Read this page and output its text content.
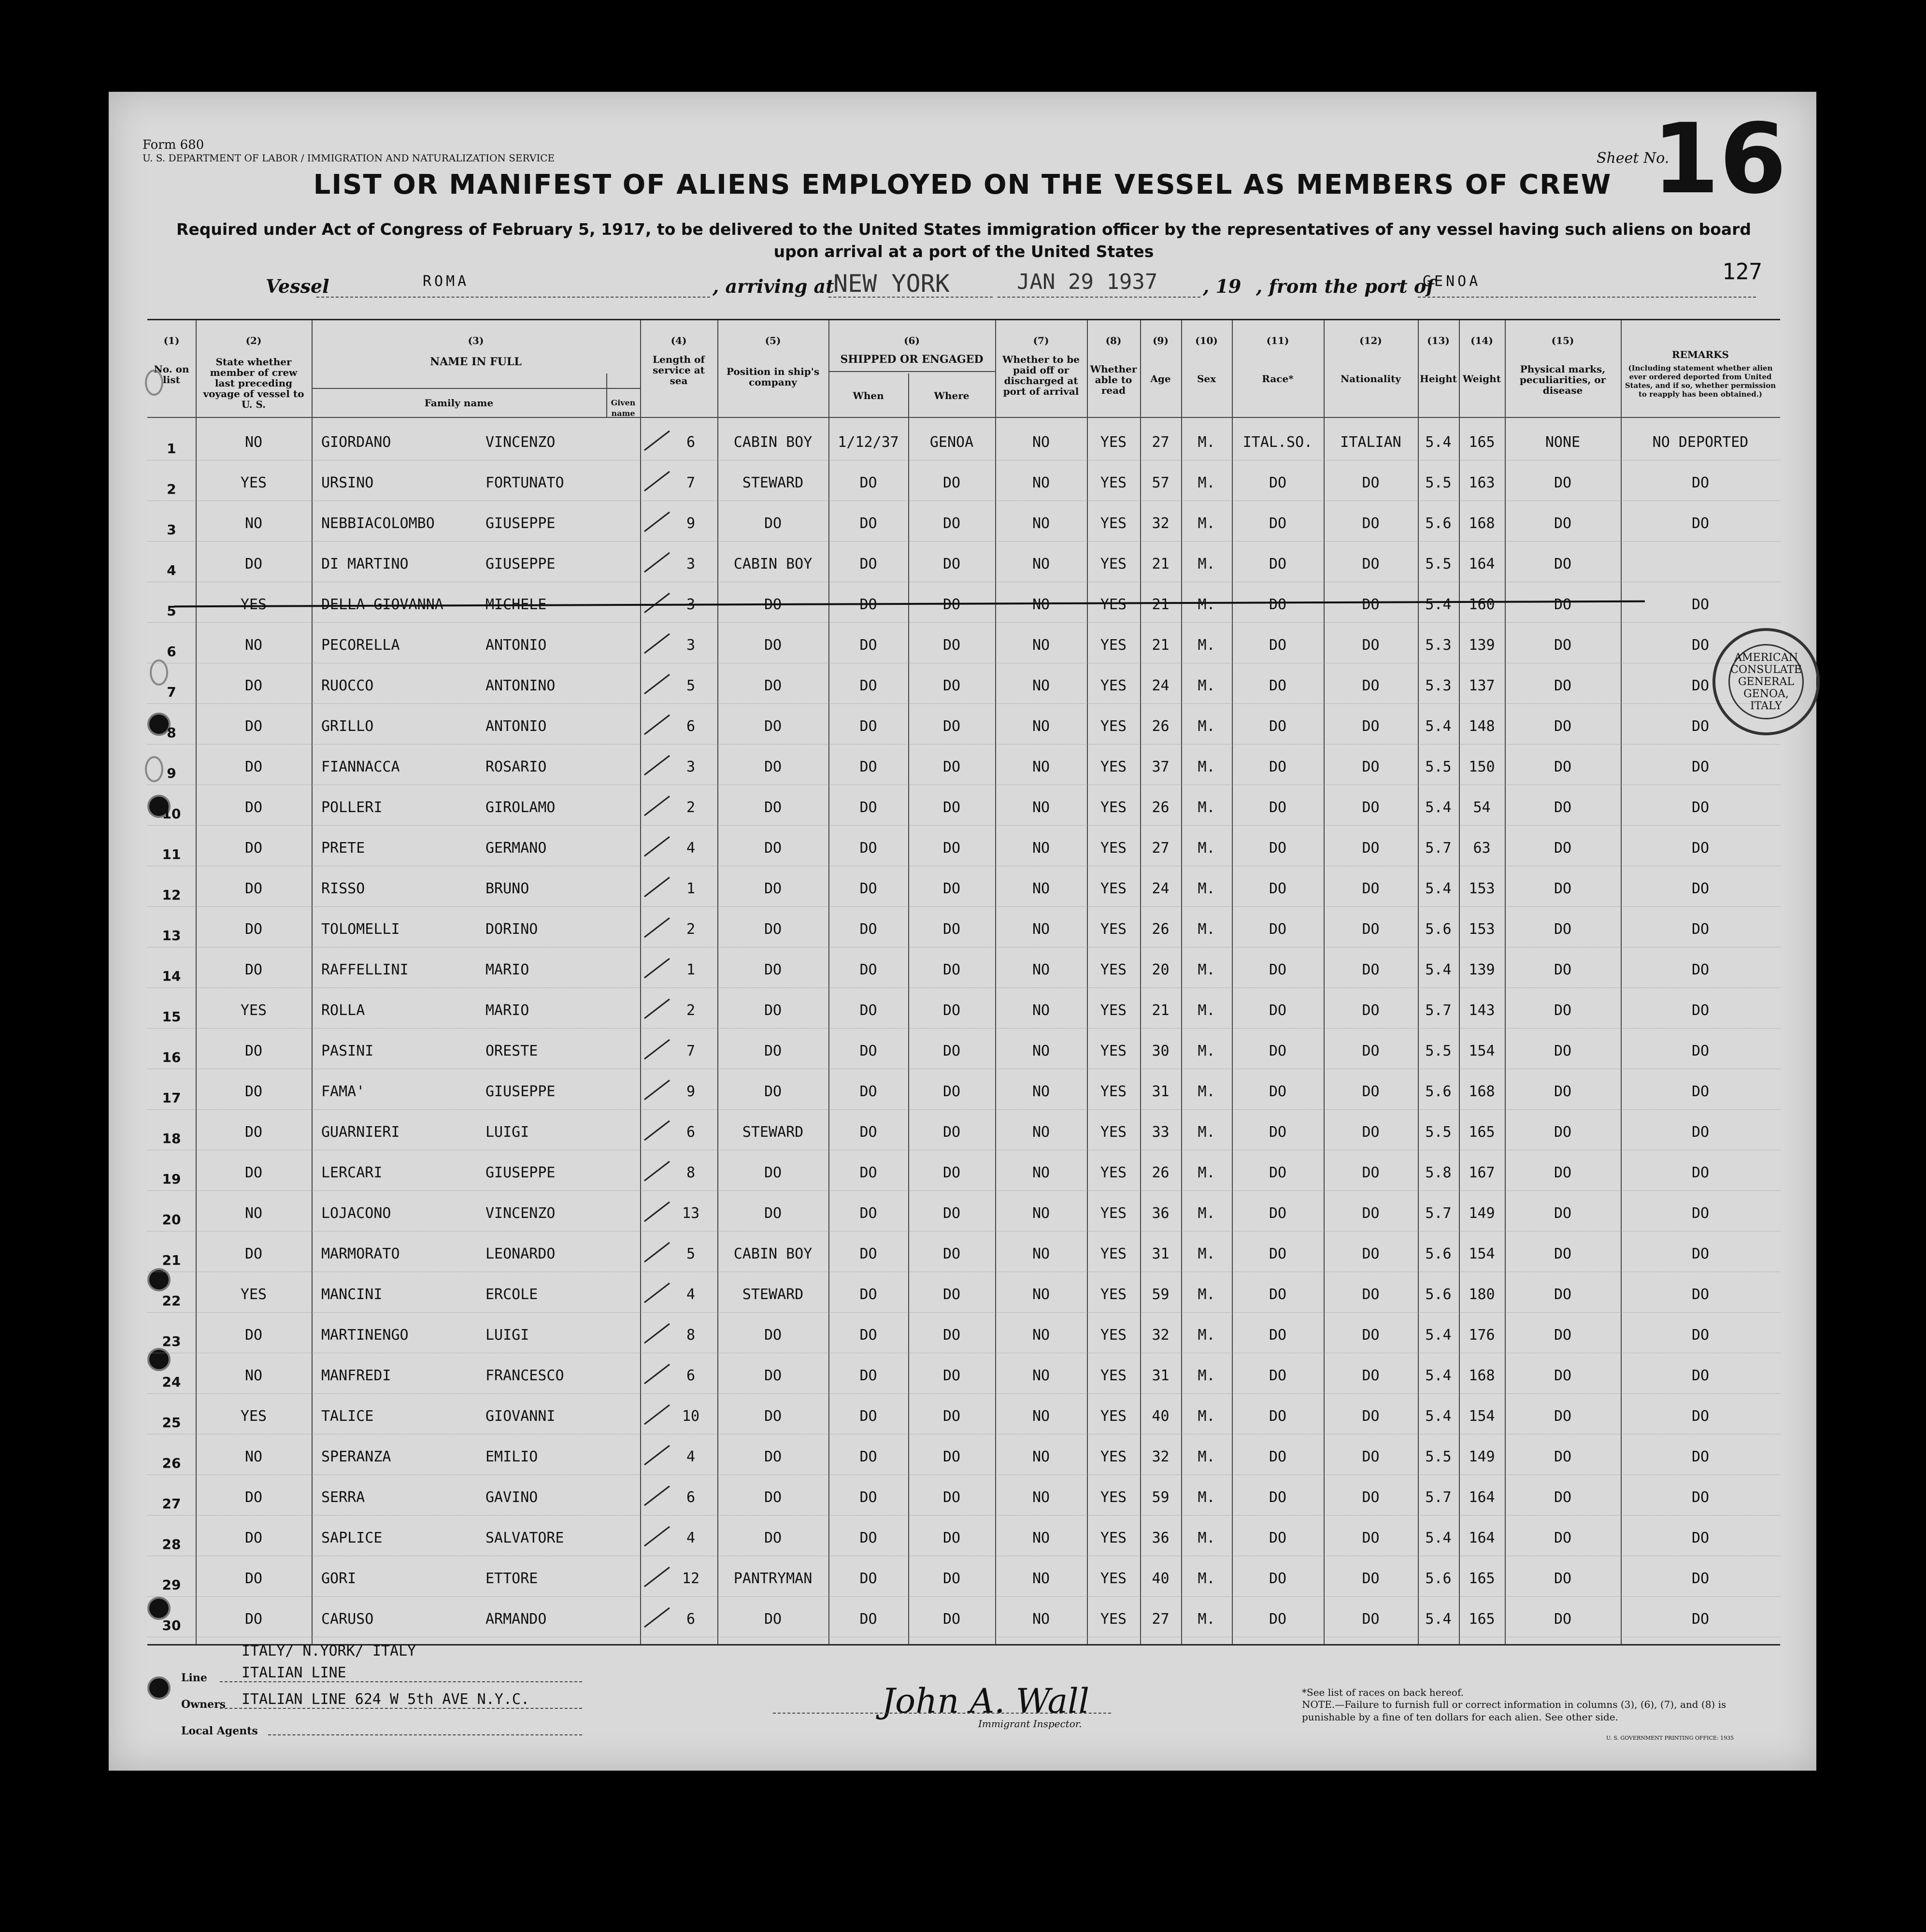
Form 680
U. S. DEPARTMENT OF LABOR / IMMIGRATION AND NATURALIZATION SERVICE	Sheet No.
16
LIST OR MANIFEST OF ALIENS EMPLOYED ON THE VESSEL AS MEMBERS OF CREW
Required under Act of Congress of February 5, 1917, to be delivered to the United States immigration officer by the representatives of any vessel having such aliens on board upon arrival at a port of the United States
127
Vessel	ROMA	, arriving at
NEW YORK	JAN 29 1937 , 19 , from the port of
GENOA
(1)	(2)	(3)	(4)	(5)	(6)	(7)	(8)	(9)	(10)	(11)	(12)	(13)	(14)	(15)
No. on list
State whether member of crew last preceding voyage of vessel to U. S.
NAME IN FULL
Family name	Given name
Length of service at sea
Position in ship's company
SHIPPED OR ENGAGED
When	Where
Whether to be paid off or discharged at port of arrival
Whether able to read
Age	Sex	Race*	Nationality	Height Weight
Physical marks, peculiarities, or disease
REMARKS
(Including statement whether alien ever ordered deported from United States, and if so, whether permission to reapply has been obtained.)
1	NO	GIORDANO	VINCENZO	6	CABIN BOY	1/12/37	GENOA	NO	YES	27	M.	ITAL.SO.	ITALIAN	5.4	165	NONE	NO DEPORTED
2	YES	URSINO	FORTUNATO	7	STEWARD	DO	DO	NO	YES	57	M.	DO	DO	5.5	163	DO	DO
3	NO	NEBBIACOLOMBO	GIUSEPPE	9	DO	DO	DO	NO	YES	32	M.	DO	DO	5.6	168	DO	DO
4	DO	DI MARTINO	GIUSEPPE	3	CABIN BOY	DO	DO	NO	YES	21	M.	DO	DO	5.5	164	DO
5	YES	DELLA GIOVANNA	MICHELE	3	DO	DO	DO	NO	YES	21	M.	DO	DO	5.4	160	DO	DO
6	NO	PECORELLA	ANTONIO	3	DO	DO	DO	NO	YES	21	M.	DO	DO	5.3	139	DO	DO
7	DO	RUOCCO	ANTONINO	5	DO	DO	DO	NO	YES	24	M.	DO	DO	5.3	137	DO	DO
8	DO	GRILLO	ANTONIO	6	DO	DO	DO	NO	YES	26	M.	DO	DO	5.4	148	DO	DO
9	DO	FIANNACCA	ROSARIO	3	DO	DO	DO	NO	YES	37	M.	DO	DO	5.5	150	DO	DO
10	DO	POLLERI	GIROLAMO	2	DO	DO	DO	NO	YES	26	M.	DO	DO	5.4	54	DO	DO
11	DO	PRETE	GERMANO	4	DO	DO	DO	NO	YES	27	M.	DO	DO	5.7	63	DO	DO
12	DO	RISSO	BRUNO	1	DO	DO	DO	NO	YES	24	M.	DO	DO	5.4	153	DO	DO
13	DO	TOLOMELLI	DORINO	2	DO	DO	DO	NO	YES	26	M.	DO	DO	5.6	153	DO	DO
14	DO	RAFFELLINI	MARIO	1	DO	DO	DO	NO	YES	20	M.	DO	DO	5.4	139	DO	DO
15	YES	ROLLA	MARIO	2	DO	DO	DO	NO	YES	21	M.	DO	DO	5.7	143	DO	DO
16	DO	PASINI	ORESTE	7	DO	DO	DO	NO	YES	30	M.	DO	DO	5.5	154	DO	DO
17	DO	FAMA'	GIUSEPPE	9	DO	DO	DO	NO	YES	31	M.	DO	DO	5.6	168	DO	DO
18	DO	GUARNIERI	LUIGI	6	STEWARD	DO	DO	NO	YES	33	M.	DO	DO	5.5	165	DO	DO
19	DO	LERCARI	GIUSEPPE	8	DO	DO	DO	NO	YES	26	M.	DO	DO	5.8	167	DO	DO
20	NO	LOJACONO	VINCENZO	13	DO	DO	DO	NO	YES	36	M.	DO	DO	5.7	149	DO	DO
21	DO	MARMORATO	LEONARDO	5	CABIN BOY	DO	DO	NO	YES	31	M.	DO	DO	5.6	154	DO	DO
22	YES	MANCINI	ERCOLE	4	STEWARD	DO	DO	NO	YES	59	M.	DO	DO	5.6	180	DO	DO
23	DO	MARTINENGO	LUIGI	8	DO	DO	DO	NO	YES	32	M.	DO	DO	5.4	176	DO	DO
24	NO	MANFREDI	FRANCESCO	6	DO	DO	DO	NO	YES	31	M.	DO	DO	5.4	168	DO	DO
25	YES	TALICE	GIOVANNI	10	DO	DO	DO	NO	YES	40	M.	DO	DO	5.4	154	DO	DO
26	NO	SPERANZA	EMILIO	4	DO	DO	DO	NO	YES	32	M.	DO	DO	5.5	149	DO	DO
27	DO	SERRA	GAVINO	6	DO	DO	DO	NO	YES	59	M.	DO	DO	5.7	164	DO	DO
28	DO	SAPLICE	SALVATORE	4	DO	DO	DO	NO	YES	36	M.	DO	DO	5.4	164	DO	DO
29	DO	GORI	ETTORE	12	PANTRYMAN	DO	DO	NO	YES	40	M.	DO	DO	5.6	165	DO	DO
30	DO	CARUSO	ARMANDO	6	DO	DO	DO	NO	YES	27	M.	DO	DO	5.4	165	DO	DO
AMERICAN CONSULATE GENERAL GENOA, ITALY
ITALY/ N.YORK/ ITALY
Line ITALIAN LINE
Owners ITALIAN LINE 624 W 5th AVE N.Y.C.
Local Agents
John A. Wall
Immigrant Inspector.
*See list of races on back hereof.
NOTE.—Failure to furnish full or correct information in columns (3), (6), (7), and (8) is punishable by a fine of ten dollars for each alien. See other side.
U. S. GOVERNMENT PRINTING OFFICE: 1935
